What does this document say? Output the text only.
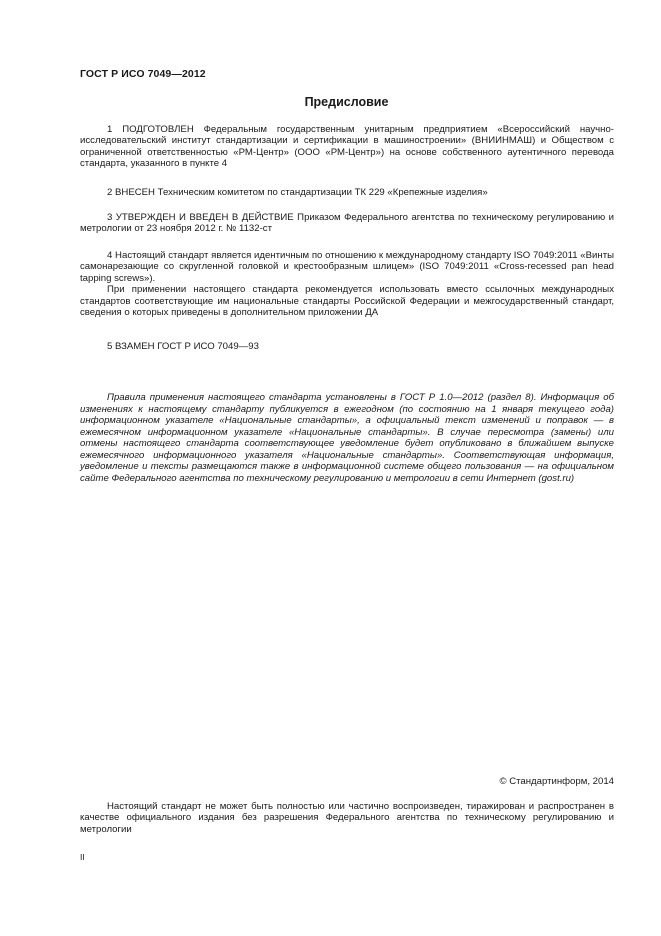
ГОСТ Р ИСО 7049—2012
Предисловие

1 ПОДГОТОВЛЕН Федеральным государственным унитарным предприятием «Всероссийский научно-исследовательский институт стандартизации и сертификации в машиностроении» (ВНИИНМАШ) и Обществом с ограниченной ответственностью «РМ-Центр» (ООО «РМ-Центр») на основе собственного аутентичного перевода стандарта, указанного в пункте 4

2 ВНЕСЕН Техническим комитетом по стандартизации ТК 229 «Крепежные изделия»

3 УТВЕРЖДЕН И ВВЕДЕН В ДЕЙСТВИЕ Приказом Федерального агентства по техническому регулированию и метрологии от 23 ноября 2012 г. № 1132-ст

4 Настоящий стандарт является идентичным по отношению к международному стандарту ISO 7049:2011 «Винты самонарезающие со скругленной головкой и крестообразным шлицем» (ISO 7049:2011 «Cross-recessed pan head tapping screws»).

При применении настоящего стандарта рекомендуется использовать вместо ссылочных международных стандартов соответствующие им национальные стандарты Российской Федерации и межгосударственный стандарт, сведения о которых приведены в дополнительном приложении ДА

5 ВЗАМЕН ГОСТ Р ИСО 7049—93

Правила применения настоящего стандарта установлены в ГОСТ Р 1.0—2012 (раздел 8). Информация об изменениях к настоящему стандарту публикуется в ежегодном (по состоянию на 1 января текущего года) информационном указателе «Национальные стандарты», а официальный текст изменений и поправок — в ежемесячном информационном указателе «Национальные стандарты». В случае пересмотра (замены) или отмены настоящего стандарта соответствующее уведомление будет опубликовано в ближайшем выпуске ежемесячного информационного указателя «Национальные стандарты». Соответствующая информация, уведомление и тексты размещаются также в информационной системе общего пользования — на официальном сайте Федерального агентства по техническому регулированию и метрологии в сети Интернет (gost.ru)

© Стандартинформ, 2014

Настоящий стандарт не может быть полностью или частично воспроизведен, тиражирован и распространен в качестве официального издания без разрешения Федерального агентства по техническому регулированию и метрологии

II
